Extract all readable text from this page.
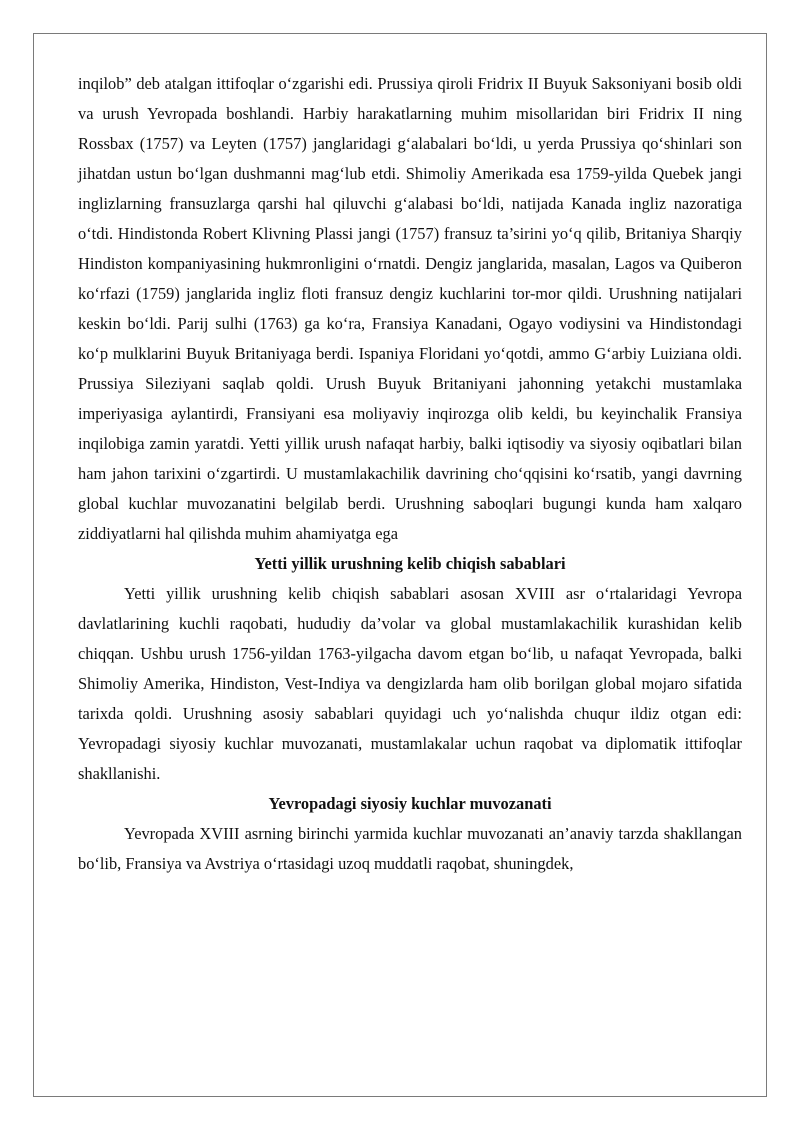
inqilob” deb atalgan ittifoqlar o‘zgarishi edi. Prussiya qiroli Fridrix II Buyuk Saksoniyani bosib oldi va urush Yevropada boshlandi. Harbiy harakatlarning muhim misollaridan biri Fridrix II ning Rossbax (1757) va Leyten (1757) janglaridagi g‘alabalari bo‘ldi, u yerda Prussiya qo‘shinlari son jihatdan ustun bo‘lgan dushmanni mag‘lub etdi. Shimoliy Amerikada esa 1759-yilda Quebek jangi inglizlarning fransuzlarga qarshi hal qiluvchi g‘alabasi bo‘ldi, natijada Kanada ingliz nazoratiga o‘tdi. Hindistonda Robert Klivning Plassi jangi (1757) fransuz ta’sirini yo‘q qilib, Britaniya Sharqiy Hindiston kompaniyasining hukmronligini o‘rnatdi. Dengiz janglarida, masalan, Lagos va Quiberon ko‘rfazi (1759) janglarida ingliz floti fransuz dengiz kuchlarini tor-mor qildi. Urushning natijalari keskin bo‘ldi. Parij sulhi (1763) ga ko‘ra, Fransiya Kanadani, Ogayo vodiysini va Hindistondagi ko‘p mulklarini Buyuk Britaniyaga berdi. Ispaniya Floridani yo‘qotdi, ammo G‘arbiy Luiziana oldi. Prussiya Sileziyani saqlab qoldi. Urush Buyuk Britaniyani jahonning yetakchi mustamlaka imperiyasiga aylantirdi, Fransiyani esa moliyaviy inqirozga olib keldi, bu keyinchalik Fransiya inqilobiga zamin yaratdi. Yetti yillik urush nafaqat harbiy, balki iqtisodiy va siyosiy oqibatlari bilan ham jahon tarixini o‘zgartirdi. U mustamlakachilik davrining cho‘qqisini ko‘rsatib, yangi davrning global kuchlar muvozanatini belgilab berdi. Urushning saboqlari bugungi kunda ham xalqaro ziddiyatlarni hal qilishda muhim ahamiyatga ega

Yetti yillik urushning kelib chiqish sabablari

Yetti yillik urushning kelib chiqish sabablari asosan XVIII asr o‘rtalaridagi Yevropa davlatlarining kuchli raqobati, hududiy da’volar va global mustamlakachilik kurashidan kelib chiqqan. Ushbu urush 1756-yildan 1763-yilgacha davom etgan bo‘lib, u nafaqat Yevropada, balki Shimoliy Amerika, Hindiston, Vest-Indiya va dengizlarda ham olib borilgan global mojaro sifatida tarixda qoldi. Urushning asosiy sabablari quyidagi uch yo‘nalishda chuqur ildiz otgan edi: Yevropadagi siyosiy kuchlar muvozanati, mustamlakalar uchun raqobat va diplomatik ittifoqlar shakllanishi.

Yevropadagi siyosiy kuchlar muvozanati

Yevropada XVIII asrning birinchi yarmida kuchlar muvozanati an’anaviy tarzda shakllangan bo‘lib, Fransiya va Avstriya o‘rtasidagi uzoq muddatli raqobat, shuningdek,
